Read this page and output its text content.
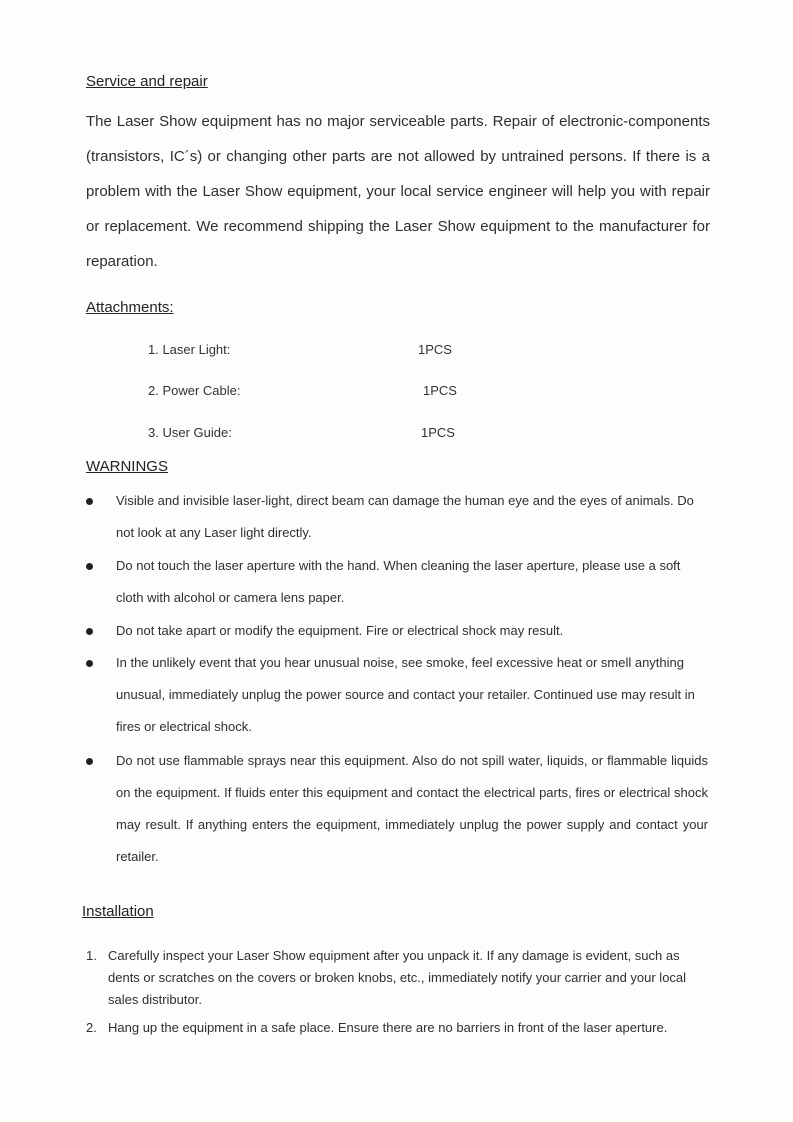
Service and repair

The Laser Show equipment has no major serviceable parts. Repair of electronic-components (transistors, IC´s) or changing other parts are not allowed by untrained persons. If there is a problem with the Laser Show equipment, your local service engineer will help you with repair or replacement. We recommend shipping the Laser Show equipment to the manufacturer for reparation.

Attachments:
1. Laser Light:	1PCS
2. Power Cable:	1PCS
3. User Guide:	1PCS
WARNINGS
Visible and invisible laser-light, direct beam can damage the human eye and the eyes of animals. Do not look at any Laser light directly.
Do not touch the laser aperture with the hand. When cleaning the laser aperture, please use a soft cloth with alcohol or camera lens paper.
Do not take apart or modify the equipment. Fire or electrical shock may result.
In the unlikely event that you hear unusual noise, see smoke, feel excessive heat or smell anything unusual, immediately unplug the power source and contact your retailer. Continued use may result in fires or electrical shock.
Do not use flammable sprays near this equipment. Also do not spill water, liquids, or flammable liquids on the equipment. If fluids enter this equipment and contact the electrical parts, fires or electrical shock may result. If anything enters the equipment, immediately unplug the power supply and contact your retailer.
Installation
1. Carefully inspect your Laser Show equipment after you unpack it. If any damage is evident, such as dents or scratches on the covers or broken knobs, etc., immediately notify your carrier and your local sales distributor.
2. Hang up the equipment in a safe place. Ensure there are no barriers in front of the laser aperture.
